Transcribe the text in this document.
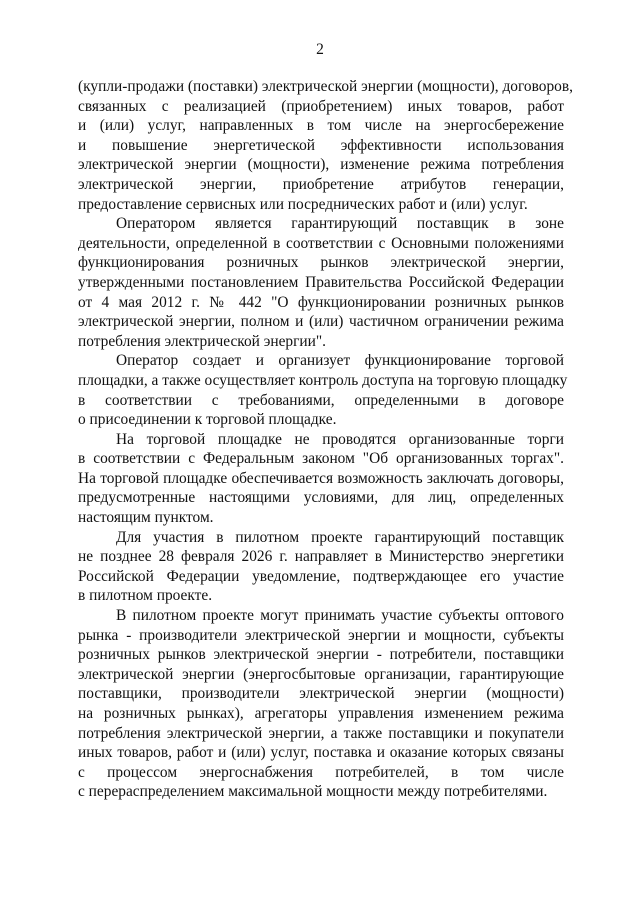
2
(купли-продажи (поставки) электрической энергии (мощности), договоров,
связанных с реализацией (приобретением) иных товаров, работ
и (или) услуг, направленных в том числе на энергосбережение
и повышение энергетической эффективности использования
электрической энергии (мощности), изменение режима потребления
электрической энергии, приобретение атрибутов генерации,
предоставление сервисных или посреднических работ и (или) услуг.
Оператором является гарантирующий поставщик в зоне
деятельности, определенной в соответствии с Основными положениями
функционирования розничных рынков электрической энергии,
утвержденными постановлением Правительства Российской Федерации
от 4 мая 2012 г. № 442 "О функционировании розничных рынков
электрической энергии, полном и (или) частичном ограничении режима
потребления электрической энергии".
Оператор создает и организует функционирование торговой
площадки, а также осуществляет контроль доступа на торговую площадку
в соответствии с требованиями, определенными в договоре
о присоединении к торговой площадке.
На торговой площадке не проводятся организованные торги
в соответствии с Федеральным законом "Об организованных торгах".
На торговой площадке обеспечивается возможность заключать договоры,
предусмотренные настоящими условиями, для лиц, определенных
настоящим пунктом.
Для участия в пилотном проекте гарантирующий поставщик
не позднее 28 февраля 2026 г. направляет в Министерство энергетики
Российской Федерации уведомление, подтверждающее его участие
в пилотном проекте.
В пилотном проекте могут принимать участие субъекты оптового
рынка - производители электрической энергии и мощности, субъекты
розничных рынков электрической энергии - потребители, поставщики
электрической энергии (энергосбытовые организации, гарантирующие
поставщики, производители электрической энергии (мощности)
на розничных рынках), агрегаторы управления изменением режима
потребления электрической энергии, а также поставщики и покупатели
иных товаров, работ и (или) услуг, поставка и оказание которых связаны
с процессом энергоснабжения потребителей, в том числе
с перераспределением максимальной мощности между потребителями.
